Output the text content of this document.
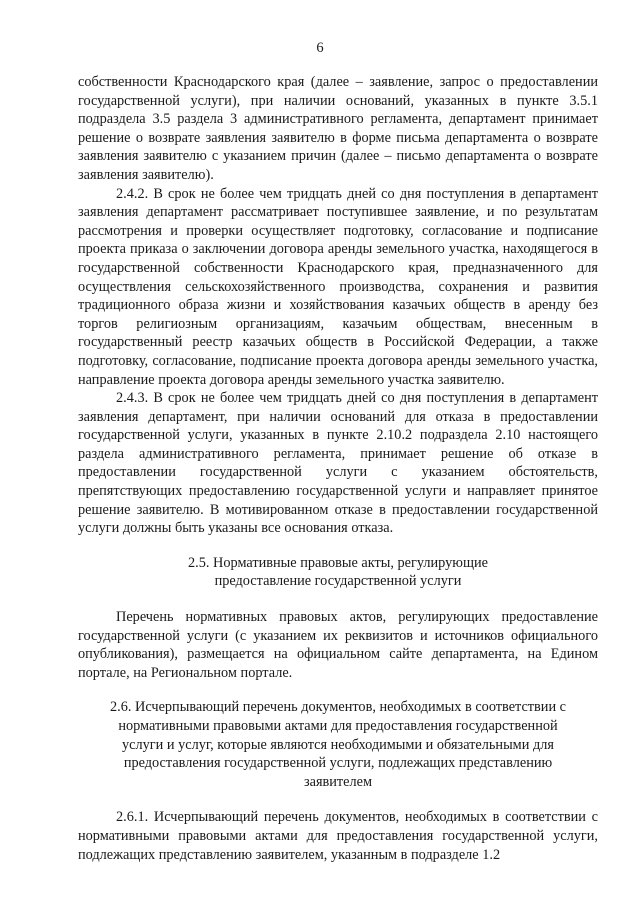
6

собственности Краснодарского края (далее – заявление, запрос о предоставлении государственной услуги), при наличии оснований, указанных в пункте 3.5.1 подраздела 3.5 раздела 3 административного регламента, департамент принимает решение о возврате заявления заявителю в форме письма департамента о возврате заявления заявителю с указанием причин (далее – письмо департамента о возврате заявления заявителю).

2.4.2. В срок не более чем тридцать дней со дня поступления в департамент заявления департамент рассматривает поступившее заявление, и по результатам рассмотрения и проверки осуществляет подготовку, согласование и подписание проекта приказа о заключении договора аренды земельного участка, находящегося в государственной собственности Краснодарского края, предназначенного для осуществления сельскохозяйственного производства, сохранения и развития традиционного образа жизни и хозяйствования казачьих обществ в аренду без торгов религиозным организациям, казачьим обществам, внесенным в государственный реестр казачьих обществ в Российской Федерации, а также подготовку, согласование, подписание проекта договора аренды земельного участка, направление проекта договора аренды земельного участка заявителю.

2.4.3. В срок не более чем тридцать дней со дня поступления в департамент заявления департамент, при наличии оснований для отказа в предоставлении государственной услуги, указанных в пункте 2.10.2 подраздела 2.10 настоящего раздела административного регламента, принимает решение об отказе в предоставлении государственной услуги с указанием обстоятельств, препятствующих предоставлению государственной услуги и направляет принятое решение заявителю. В мотивированном отказе в предоставлении государственной услуги должны быть указаны все основания отказа.

2.5. Нормативные правовые акты, регулирующие предоставление государственной услуги

Перечень нормативных правовых актов, регулирующих предоставление государственной услуги (с указанием их реквизитов и источников официального опубликования), размещается на официальном сайте департамента, на Едином портале, на Региональном портале.

2.6. Исчерпывающий перечень документов, необходимых в соответствии с нормативными правовыми актами для предоставления государственной услуги и услуг, которые являются необходимыми и обязательными для предоставления государственной услуги, подлежащих представлению заявителем

2.6.1. Исчерпывающий перечень документов, необходимых в соответствии с нормативными правовыми актами для предоставления государственной услуги, подлежащих представлению заявителем, указанным в подразделе 1.2
